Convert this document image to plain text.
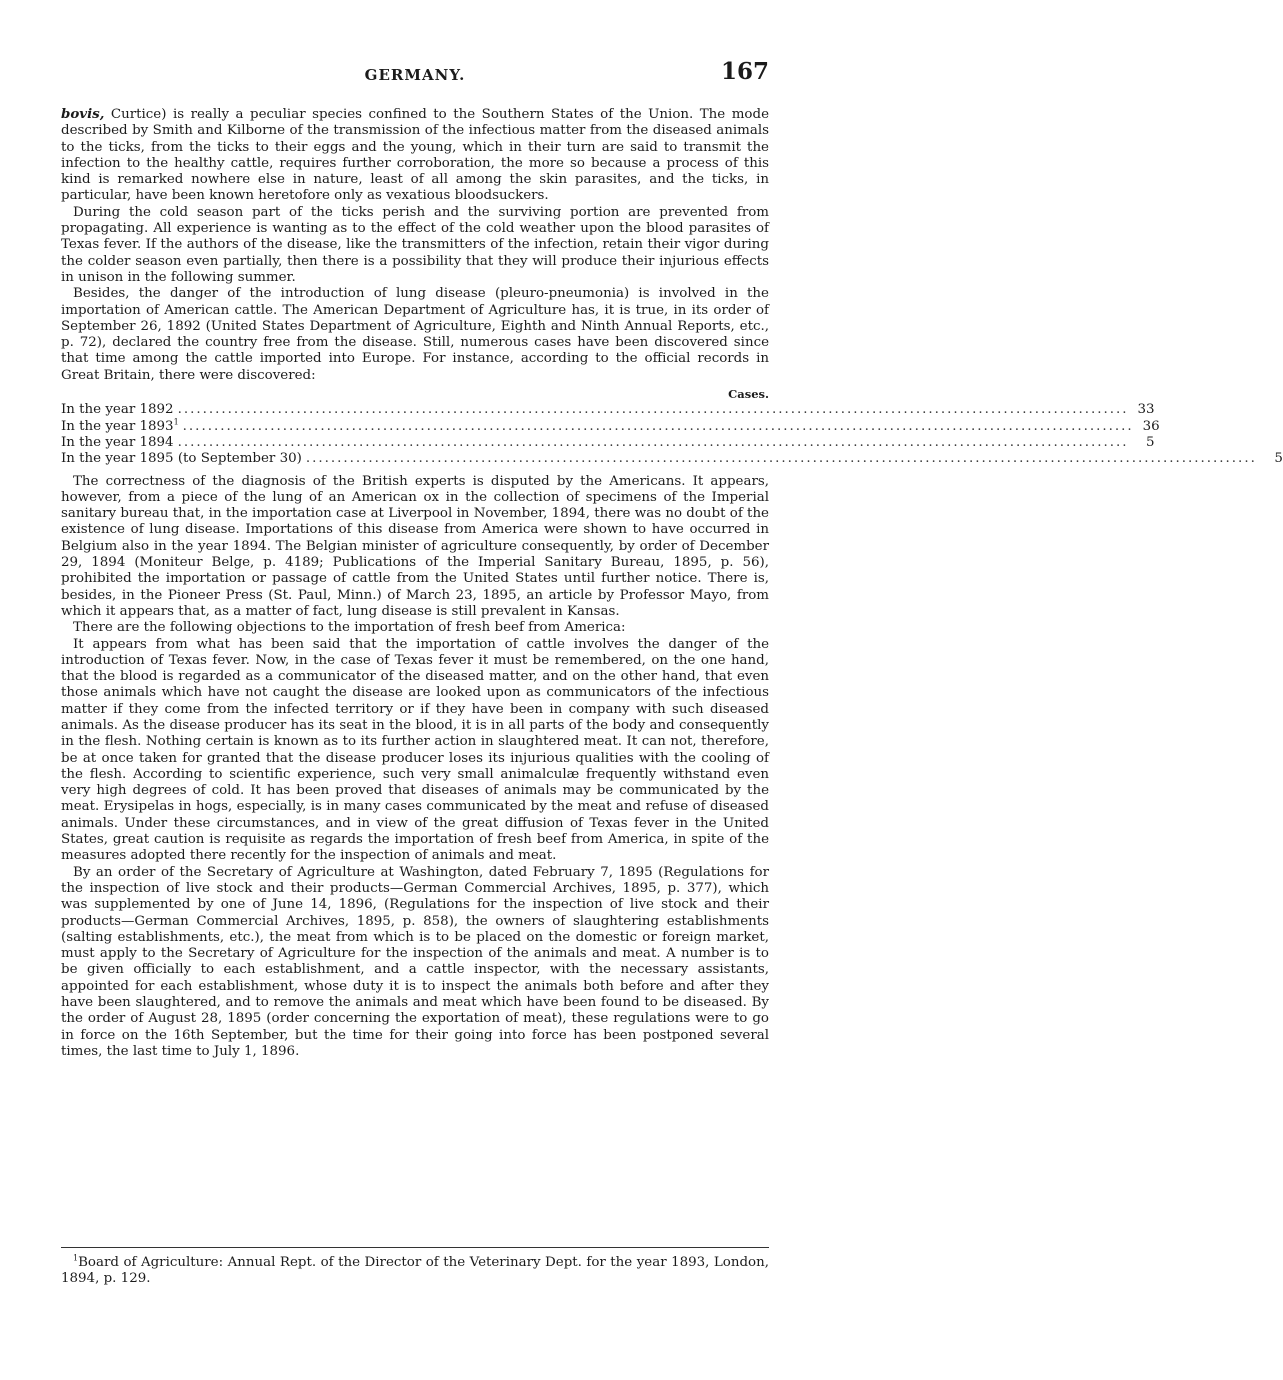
GERMANY.	167

bovis, Curtice) is really a peculiar species confined to the Southern States of the Union. The mode described by Smith and Kilborne of the transmission of the infectious matter from the diseased animals to the ticks, from the ticks to their eggs and the young, which in their turn are said to transmit the infection to the healthy cattle, requires further corroboration, the more so because a process of this kind is remarked nowhere else in nature, least of all among the skin parasites, and the ticks, in particular, have been known heretofore only as vexatious bloodsuckers.

During the cold season part of the ticks perish and the surviving portion are prevented from propagating. All experience is wanting as to the effect of the cold weather upon the blood parasites of Texas fever. If the authors of the disease, like the transmitters of the infection, retain their vigor during the colder season even partially, then there is a possibility that they will produce their injurious effects in unison in the following summer.

Besides, the danger of the introduction of lung disease (pleuro-pneumonia) is involved in the importation of American cattle. The American Department of Agriculture has, it is true, in its order of September 26, 1892 (United States Department of Agriculture, Eighth and Ninth Annual Reports, etc., p. 72), declared the country free from the disease. Still, numerous cases have been discovered since that time among the cattle imported into Europe. For instance, according to the official records in Great Britain, there were discovered:

Cases.
In the year 1892 ........................................................................................................................................................ 33
In the year 1893$^1$ ........................................................................................................................................................ 36
In the year 1894 ........................................................................................................................................................	5
In the year 1895 (to September 30) ........................................................................................................................................................	5

The correctness of the diagnosis of the British experts is disputed by the Americans. It appears, however, from a piece of the lung of an American ox in the collection of specimens of the Imperial sanitary bureau that, in the importation case at Liverpool in November, 1894, there was no doubt of the existence of lung disease. Importations of this disease from America were shown to have occurred in Belgium also in the year 1894. The Belgian minister of agriculture consequently, by order of December 29, 1894 (Moniteur Belge, p. 4189; Publications of the Imperial Sanitary Bureau, 1895, p. 56), prohibited the importation or passage of cattle from the United States until further notice. There is, besides, in the Pioneer Press (St. Paul, Minn.) of March 23, 1895, an article by Professor Mayo, from which it appears that, as a matter of fact, lung disease is still prevalent in Kansas.

There are the following objections to the importation of fresh beef from America:

It appears from what has been said that the importation of cattle involves the danger of the introduction of Texas fever. Now, in the case of Texas fever it must be remembered, on the one hand, that the blood is regarded as a communicator of the diseased matter, and on the other hand, that even those animals which have not caught the disease are looked upon as communicators of the infectious matter if they come from the infected territory or if they have been in company with such diseased animals. As the disease producer has its seat in the blood, it is in all parts of the body and consequently in the flesh. Nothing certain is known as to its further action in slaughtered meat. It can not, therefore, be at once taken for granted that the disease producer loses its injurious qualities with the cooling of the flesh. According to scientific experience, such very small animalculæ frequently withstand even very high degrees of cold. It has been proved that diseases of animals may be communicated by the meat. Erysipelas in hogs, especially, is in many cases communicated by the meat and refuse of diseased animals. Under these circumstances, and in view of the great diffusion of Texas fever in the United States, great caution is requisite as regards the importation of fresh beef from America, in spite of the measures adopted there recently for the inspection of animals and meat.

By an order of the Secretary of Agriculture at Washington, dated February 7, 1895 (Regulations for the inspection of live stock and their products—German Commercial Archives, 1895, p. 377), which was supplemented by one of June 14, 1896, (Regulations for the inspection of live stock and their products—German Commercial Archives, 1895, p. 858), the owners of slaughtering establishments (salting establishments, etc.), the meat from which is to be placed on the domestic or foreign market, must apply to the Secretary of Agriculture for the inspection of the animals and meat. A number is to be given officially to each establishment, and a cattle inspector, with the necessary assistants, appointed for each establishment, whose duty it is to inspect the animals both before and after they have been slaughtered, and to remove the animals and meat which have been found to be diseased. By the order of August 28, 1895 (order concerning the exportation of meat), these regulations were to go in force on the 16th September, but the time for their going into force has been postponed several times, the last time to July 1, 1896.

$^1$Board of Agriculture: Annual Rept. of the Director of the Veterinary Dept. for the year 1893, London, 1894, p. 129.
